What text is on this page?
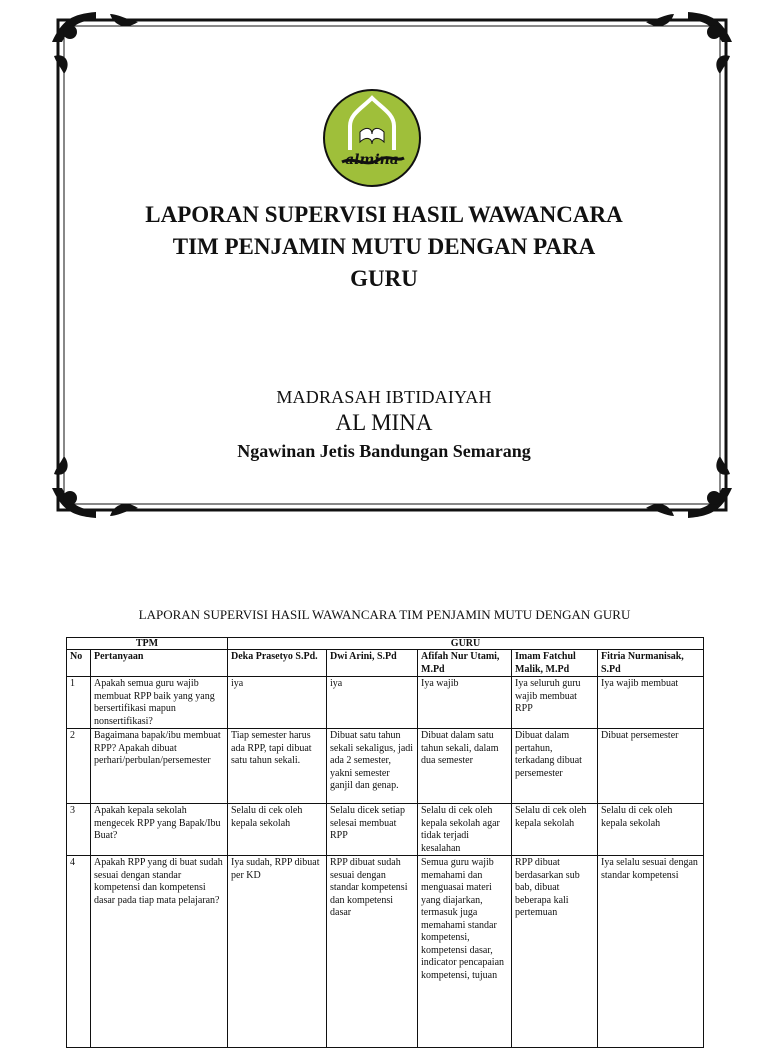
almina
LAPORAN SUPERVISI HASIL WAWANCARA
TIM PENJAMIN MUTU DENGAN PARA
GURU
MADRASAH IBTIDAIYAH
AL MINA
Ngawinan Jetis Bandungan Semarang
LAPORAN SUPERVISI HASIL WAWANCARA TIM PENJAMIN MUTU DENGAN GURU
TPM		GURU				
No	Pertanyaan	Deka Prasetyo S.Pd.	Dwi Arini, S.Pd	Afifah Nur Utami, M.Pd	Imam Fatchul Malik, M.Pd	Fitria Nurmanisak, S.Pd
1	Apakah semua guru wajib membuat RPP baik yang yang bersertifikasi mapun nonsertifikasi?	iya	iya	Iya wajib	Iya seluruh guru wajib membuat RPP	Iya wajib membuat
2	Bagaimana bapak/ibu membuat RPP? Apakah dibuat perhari/perbulan/persemester	Tiap semester harus ada RPP, tapi dibuat satu tahun sekali.	Dibuat satu tahun sekali sekaligus, jadi ada 2 semester, yakni semester ganjil dan genap.	Dibuat dalam satu tahun sekali, dalam dua semester	Dibuat dalam pertahun, terkadang dibuat persemester	Dibuat persemester
3	Apakah kepala sekolah mengecek RPP yang Bapak/Ibu Buat?	Selalu di cek oleh kepala sekolah	Selalu dicek setiap selesai membuat RPP	Selalu di cek oleh kepala sekolah agar tidak terjadi kesalahan	Selalu di cek oleh kepala sekolah	Selalu di cek oleh kepala sekolah
4	Apakah RPP yang di buat sudah sesuai dengan standar kompetensi dan kompetensi dasar pada tiap mata pelajaran?	Iya sudah, RPP dibuat per KD	RPP dibuat sudah sesuai dengan standar kompetensi dan kompetensi dasar	Semua guru wajib memahami dan menguasai materi yang diajarkan, termasuk juga memahami standar kompetensi, kompetensi dasar, indicator pencapaian kompetensi, tujuan	RPP dibuat berdasarkan sub bab, dibuat beberapa kali pertemuan	Iya selalu sesuai dengan standar kompetensi
